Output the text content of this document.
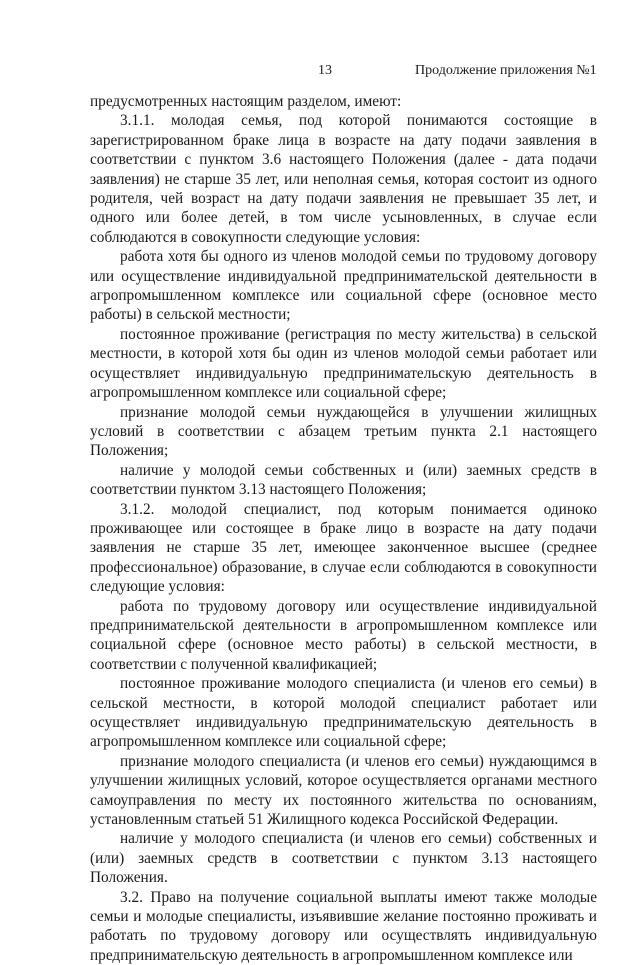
13	Продолжение приложения №1

предусмотренных настоящим разделом, имеют:

3.1.1. молодая семья, под которой понимаются состоящие в зарегистрированном браке лица в возрасте на дату подачи заявления в соответствии с пунктом 3.6 настоящего Положения (далее - дата подачи заявления) не старше 35 лет, или неполная семья, которая состоит из одного родителя, чей возраст на дату подачи заявления не превышает 35 лет, и одного или более детей, в том числе усыновленных, в случае если соблюдаются в совокупности следующие условия:

работа хотя бы одного из членов молодой семьи по трудовому договору или осуществление индивидуальной предпринимательской деятельности в агропромышленном комплексе или социальной сфере (основное место работы) в сельской местности;

постоянное проживание (регистрация по месту жительства) в сельской местности, в которой хотя бы один из членов молодой семьи работает или осуществляет индивидуальную предпринимательскую деятельность в агропромышленном комплексе или социальной сфере;

признание молодой семьи нуждающейся в улучшении жилищных условий в соответствии с абзацем третьим пункта 2.1 настоящего Положения;

наличие у молодой семьи собственных и (или) заемных средств в соответствии пунктом 3.13 настоящего Положения;

3.1.2. молодой специалист, под которым понимается одиноко проживающее или состоящее в браке лицо в возрасте на дату подачи заявления не старше 35 лет, имеющее законченное высшее (среднее профессиональное) образование, в случае если соблюдаются в совокупности следующие условия:

работа по трудовому договору или осуществление индивидуальной предпринимательской деятельности в агропромышленном комплексе или социальной сфере (основное место работы) в сельской местности, в соответствии с полученной квалификацией;

постоянное проживание молодого специалиста (и членов его семьи) в сельской местности, в которой молодой специалист работает или осуществляет индивидуальную предпринимательскую деятельность в агропромышленном комплексе или социальной сфере;

признание молодого специалиста (и членов его семьи) нуждающимся в улучшении жилищных условий, которое осуществляется органами местного самоуправления по месту их постоянного жительства по основаниям, установленным статьей 51 Жилищного кодекса Российской Федерации.

наличие у молодого специалиста (и членов его семьи) собственных и (или) заемных средств в соответствии с пунктом 3.13 настоящего Положения.

3.2. Право на получение социальной выплаты имеют также молодые семьи и молодые специалисты, изъявившие желание постоянно проживать и работать по трудовому договору или осуществлять индивидуальную предпринимательскую деятельность в агропромышленном комплексе или
